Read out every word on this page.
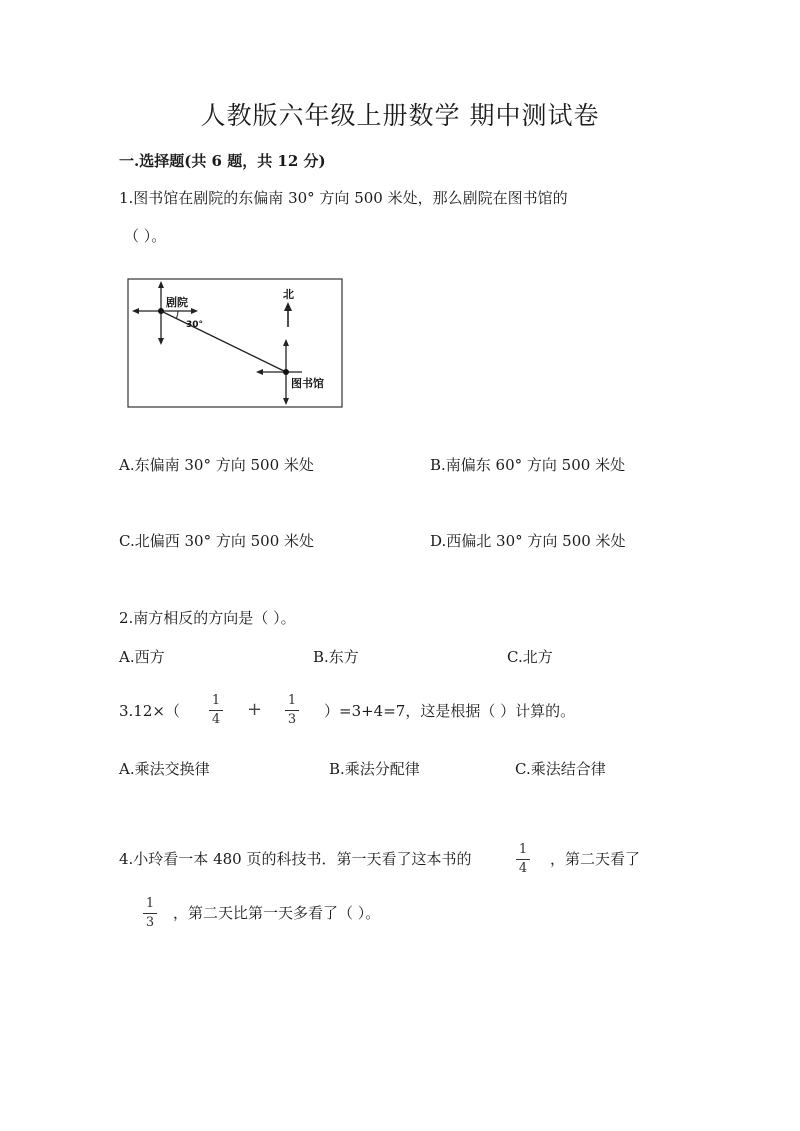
人教版六年级上册数学 期中测试卷
一.选择题(共 6 题，共 12 分)
1.图书馆在剧院的东偏南 30° 方向 500 米处，那么剧院在图书馆的
（ ）。
剧院
30°
图书馆
北
A.东偏南 30° 方向 500 米处	B.南偏东 60° 方向 500 米处
C.北偏西 30° 方向 500 米处	D.西偏北 30° 方向 500 米处
2.南方相反的方向是（ ）。
A.西方	B.东方	C.北方
3.12×（
1
4	+	1
3	）=3+4=7，这是根据（ ）计算的。
A.乘法交换律	B.乘法分配律	C.乘法结合律
4.小玲看一本 480 页的科技书．第一天看了这本书的
1
4
，第二天看了
1
3
，第二天比第一天多看了（ ）。
